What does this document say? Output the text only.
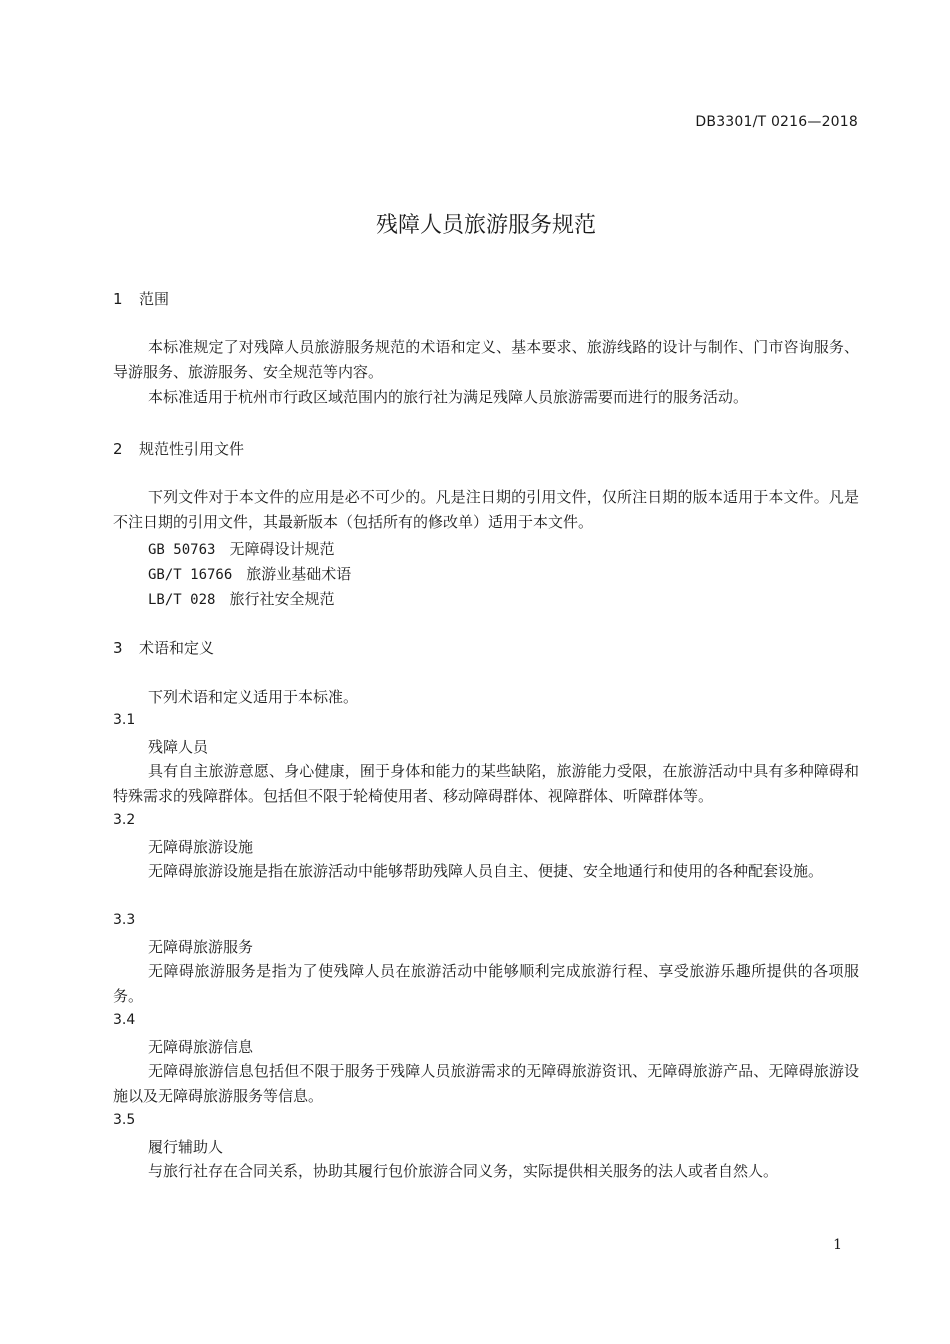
DB3301/T 0216—2018
残障人员旅游服务规范
1 范围

本标准规定了对残障人员旅游服务规范的术语和定义、基本要求、旅游线路的设计与制作、门市咨询服务、导游服务、旅游服务、安全规范等内容。

本标准适用于杭州市行政区域范围内的旅行社为满足残障人员旅游需要而进行的服务活动。

2 规范性引用文件

下列文件对于本文件的应用是必不可少的。凡是注日期的引用文件，仅所注日期的版本适用于本文件。凡是不注日期的引用文件，其最新版本（包括所有的修改单）适用于本文件。

GB 50763 无障碍设计规范
GB/T 16766 旅游业基础术语
LB/T 028 旅行社安全规范
3 术语和定义

下列术语和定义适用于本标准。

3.1
残障人员

具有自主旅游意愿、身心健康，囿于身体和能力的某些缺陷，旅游能力受限，在旅游活动中具有多种障碍和特殊需求的残障群体。包括但不限于轮椅使用者、移动障碍群体、视障群体、听障群体等。

3.2
无障碍旅游设施

无障碍旅游设施是指在旅游活动中能够帮助残障人员自主、便捷、安全地通行和使用的各种配套设施。

3.3
无障碍旅游服务

无障碍旅游服务是指为了使残障人员在旅游活动中能够顺利完成旅游行程、享受旅游乐趣所提供的各项服务。

3.4
无障碍旅游信息

无障碍旅游信息包括但不限于服务于残障人员旅游需求的无障碍旅游资讯、无障碍旅游产品、无障碍旅游设施以及无障碍旅游服务等信息。

3.5
履行辅助人

与旅行社存在合同关系，协助其履行包价旅游合同义务，实际提供相关服务的法人或者自然人。

1
